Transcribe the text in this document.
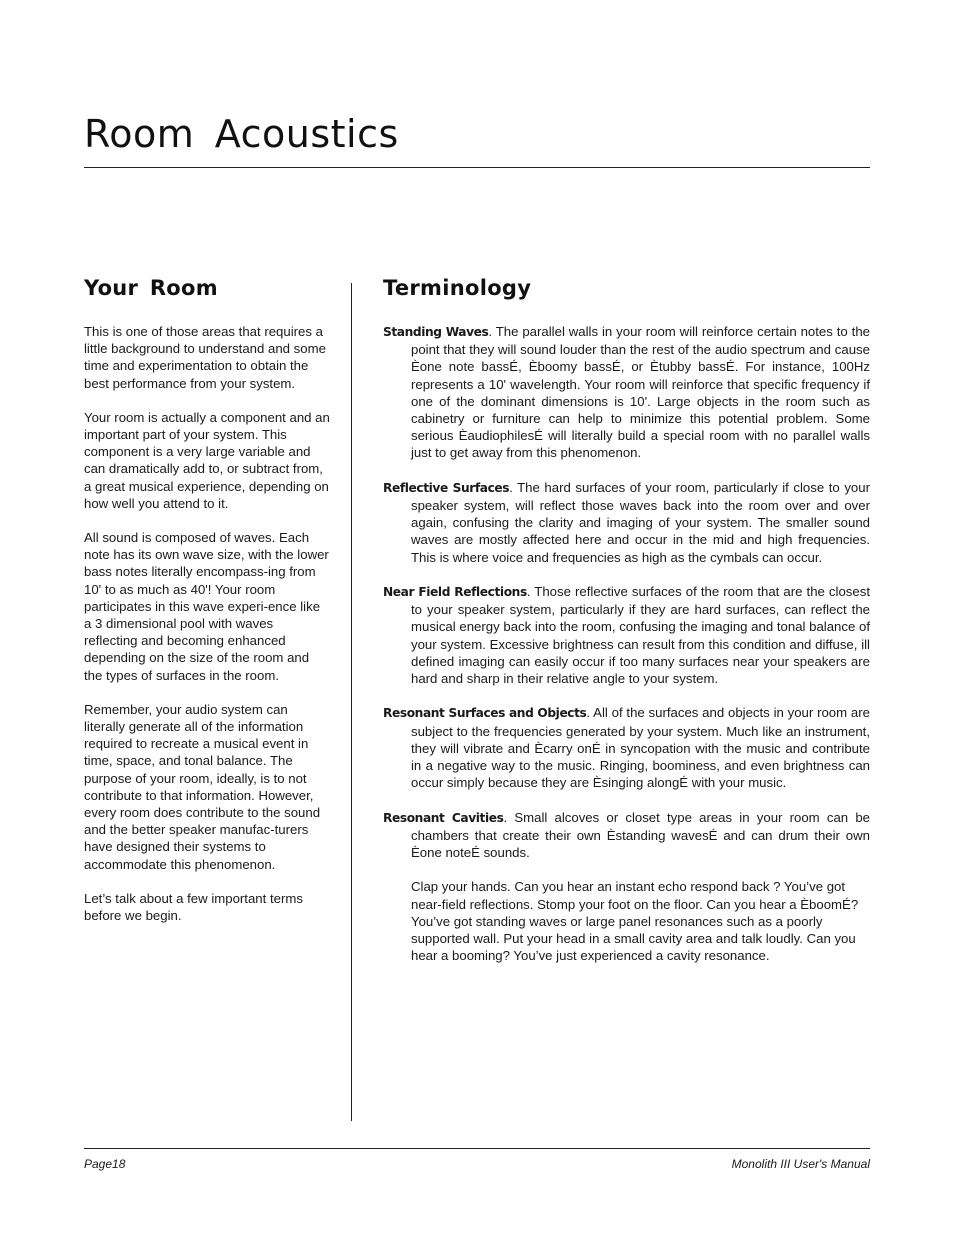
Room Acoustics
Your Room

This is one of those areas that requires a little background to understand and some time and experimentation to obtain the best performance from your system.

Your room is actually a component and an important part of your system. This component is a very large variable and can dramatically add to, or subtract from, a great musical experience, depending on how well you attend to it.

All sound is composed of waves. Each note has its own wave size, with the lower bass notes literally encompass-ing from 10' to as much as 40'! Your room participates in this wave experi-ence like a 3 dimensional pool with waves reflecting and becoming enhanced depending on the size of the room and the types of surfaces in the room.

Remember, your audio system can literally generate all of the information required to recreate a musical event in time, space, and tonal balance. The purpose of your room, ideally, is to not contribute to that information. However, every room does contribute to the sound and the better speaker manufac-turers have designed their systems to accommodate this phenomenon.

Let’s talk about a few important terms before we begin.

Terminology

Standing Waves. The parallel walls in your room will reinforce certain notes to the point that they will sound louder than the rest of the audio spectrum and cause Èone note bassÉ, Èboomy bassÉ, or Ètubby bassÉ. For instance, 100Hz represents a 10' wavelength. Your room will reinforce that specific frequency if one of the dominant dimensions is 10'. Large objects in the room such as cabinetry or furniture can help to minimize this potential problem. Some serious ÈaudiophilesÉ will literally build a special room with no parallel walls just to get away from this phenomenon.

Reflective Surfaces. The hard surfaces of your room, particularly if close to your speaker system, will reflect those waves back into the room over and over again, confusing the clarity and imaging of your system. The smaller sound waves are mostly affected here and occur in the mid and high frequencies. This is where voice and frequencies as high as the cymbals can occur.

Near Field Reflections. Those reflective surfaces of the room that are the closest to your speaker system, particularly if they are hard surfaces, can reflect the musical energy back into the room, confusing the imaging and tonal balance of your system. Excessive brightness can result from this condition and diffuse, ill defined imaging can easily occur if too many surfaces near your speakers are hard and sharp in their relative angle to your system.

Resonant Surfaces and Objects. All of the surfaces and objects in your room are subject to the frequencies generated by your system. Much like an instrument, they will vibrate and Ècarry onÉ in syncopation with the music and contribute in a negative way to the music. Ringing, boominess, and even brightness can occur simply because they are Èsinging alongÉ with your music.

Resonant Cavities. Small alcoves or closet type areas in your room can be chambers that create their own Èstanding wavesÉ and can drum their own Èone noteÉ sounds.

Clap your hands. Can you hear an instant echo respond back ? You’ve got near-field reflections. Stomp your foot on the floor. Can you hear a ÈboomÉ? You’ve got standing waves or large panel resonances such as a poorly supported wall. Put your head in a small cavity area and talk loudly. Can you hear a booming? You’ve just experienced a cavity resonance.

Page18	Monolith III User's Manual
